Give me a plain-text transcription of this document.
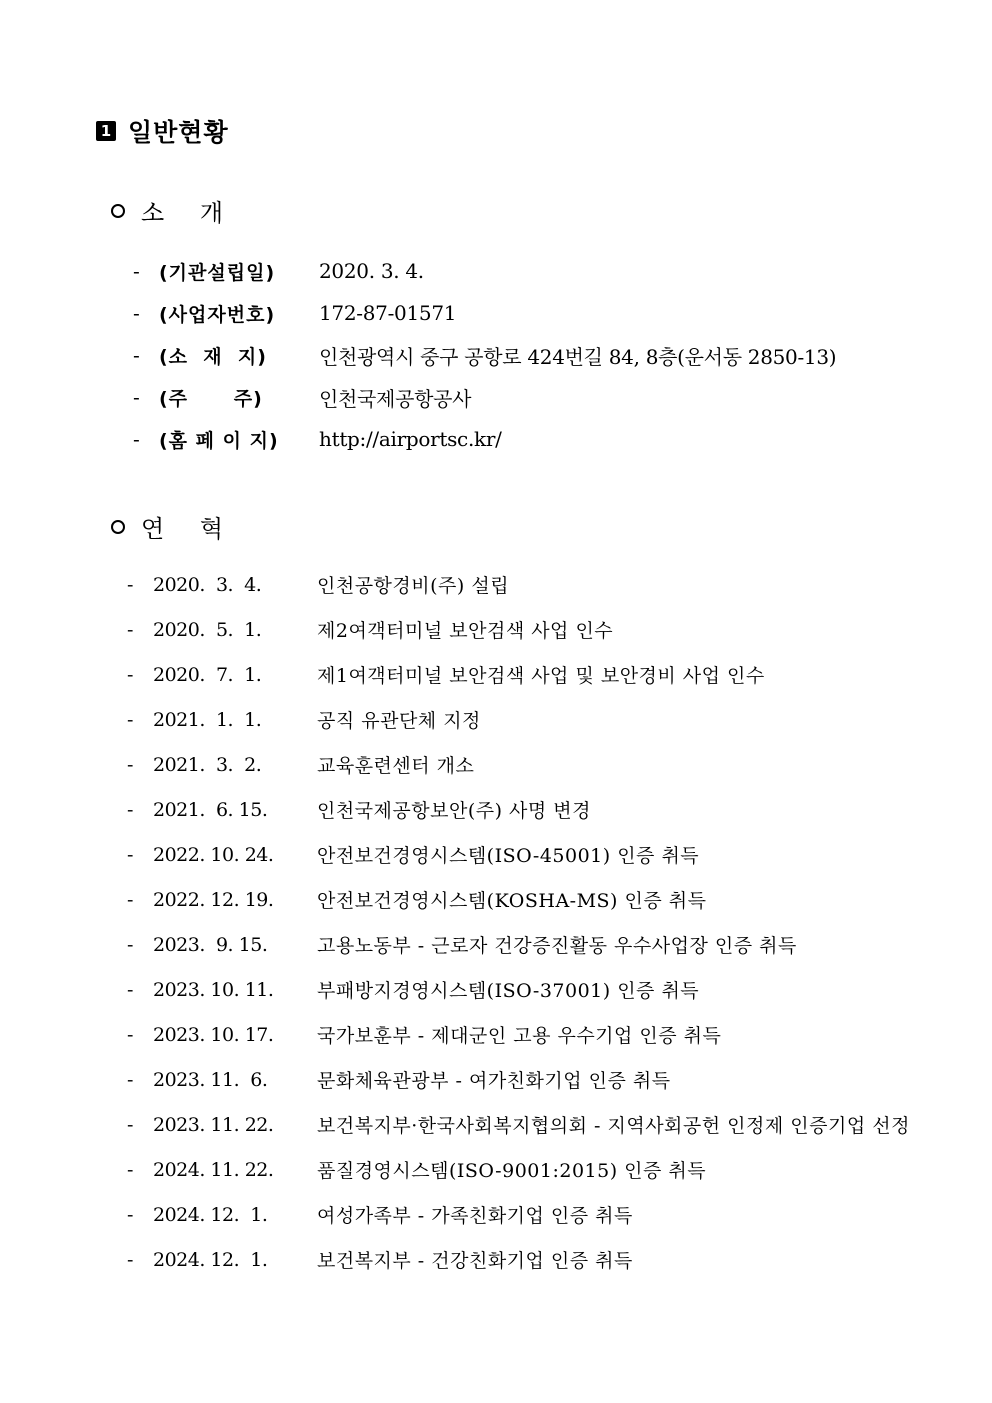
1 일반현황
소 개
-	(기관설립일)	2020. 3. 4.
-	(사업자번호)	172-87-01571
-	(소  재  지)	인천광역시 중구 공항로 424번길 84, 8층(운서동 2850-13)
-	(주      주)	인천국제공항공사
-	(홈 페 이 지)	http://airportsc.kr/
연 혁
-	2020.  3.  4.	인천공항경비(주) 설립
-	2020.  5.  1.	제2여객터미널 보안검색 사업 인수
-	2020.  7.  1.	제1여객터미널 보안검색 사업 및 보안경비 사업 인수
-	2021.  1.  1.	공직 유관단체 지정
-	2021.  3.  2.	교육훈련센터 개소
-	2021.  6. 15.	인천국제공항보안(주) 사명 변경
-	2022. 10. 24.	안전보건경영시스템(ISO-45001) 인증 취득
-	2022. 12. 19.	안전보건경영시스템(KOSHA-MS) 인증 취득
-	2023.  9. 15.	고용노동부 - 근로자 건강증진활동 우수사업장 인증 취득
-	2023. 10. 11.	부패방지경영시스템(ISO-37001) 인증 취득
-	2023. 10. 17.	국가보훈부 - 제대군인 고용 우수기업 인증 취득
-	2023. 11.  6.	문화체육관광부 - 여가친화기업 인증 취득
-	2023. 11. 22.	보건복지부·한국사회복지협의회 - 지역사회공헌 인정제 인증기업 선정
-	2024. 11. 22.	품질경영시스템(ISO-9001:2015) 인증 취득
-	2024. 12.  1.	여성가족부 - 가족친화기업 인증 취득
-	2024. 12.  1.	보건복지부 - 건강친화기업 인증 취득
